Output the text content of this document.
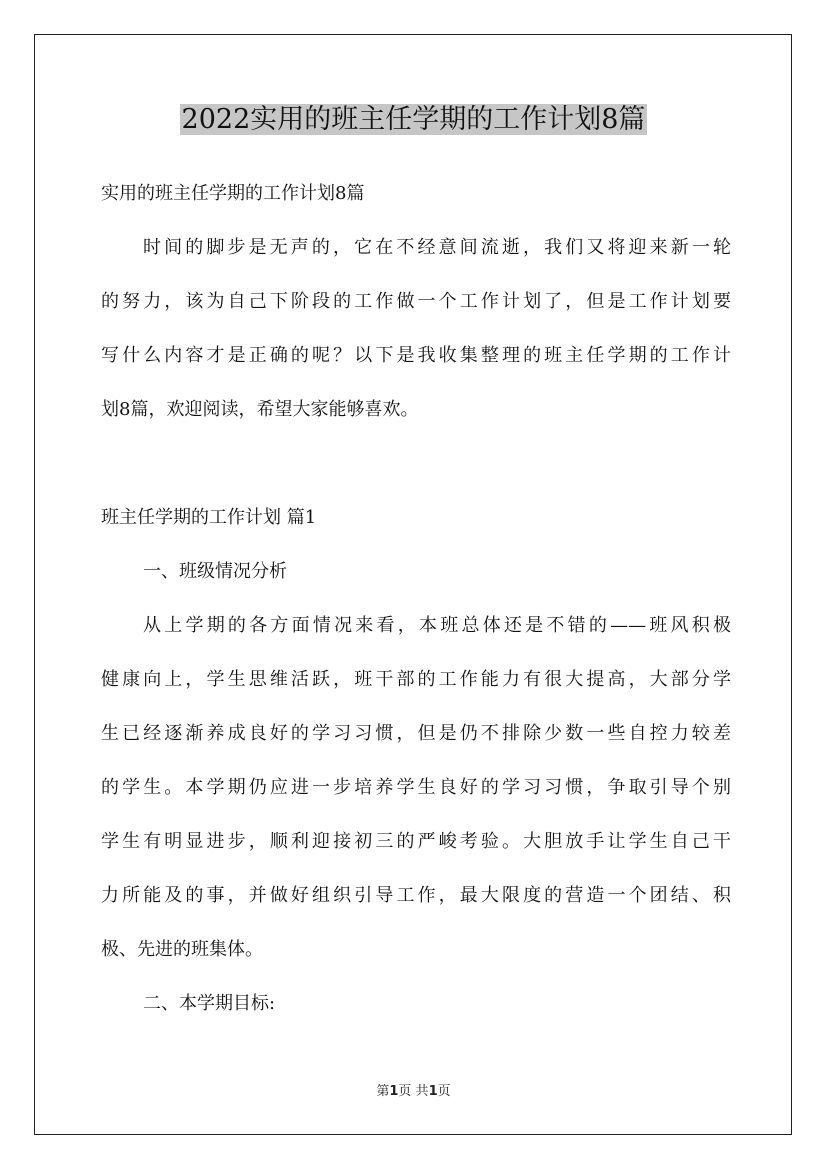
2022实用的班主任学期的工作计划8篇
实用的班主任学期的工作计划8篇
时间的脚步是无声的，它在不经意间流逝，我们又将迎来新一轮
的努力，该为自己下阶段的工作做一个工作计划了，但是工作计划要
写什么内容才是正确的呢？以下是我收集整理的班主任学期的工作计
划8篇，欢迎阅读，希望大家能够喜欢。
班主任学期的工作计划 篇1
一、班级情况分析
从上学期的各方面情况来看，本班总体还是不错的——班风积极
健康向上，学生思维活跃，班干部的工作能力有很大提高，大部分学
生已经逐渐养成良好的学习习惯，但是仍不排除少数一些自控力较差
的学生。本学期仍应进一步培养学生良好的学习习惯，争取引导个别
学生有明显进步，顺利迎接初三的严峻考验。大胆放手让学生自己干
力所能及的事，并做好组织引导工作，最大限度的营造一个团结、积
极、先进的班集体。
二、本学期目标:
第1页 共1页
